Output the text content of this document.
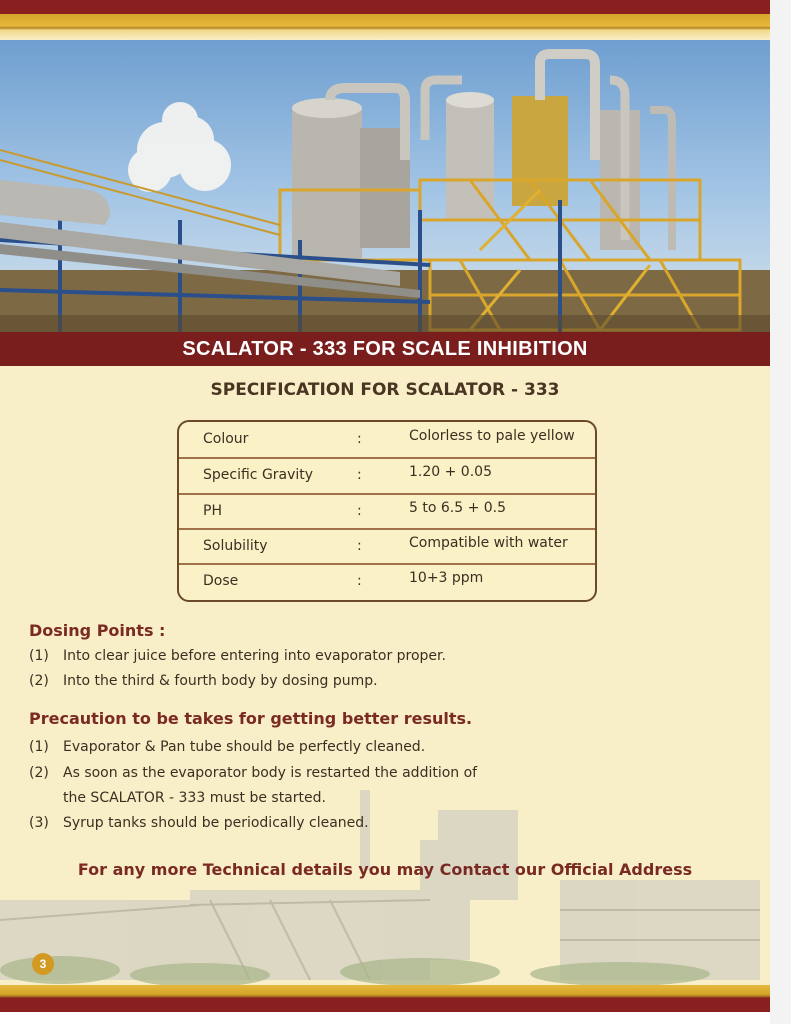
SCALATOR - 333 FOR SCALE INHIBITION
SPECIFICATION FOR SCALATOR - 333
Colour	:	Colorless to pale yellow
Specific Gravity	:	1.20 + 0.05
PH	:	5 to 6.5 + 0.5
Solubility	:	Compatible with water
Dose	:	10+3 ppm
Dosing Points :
(1) Into clear juice before entering into evaporator proper.
(2) Into the third & fourth body by dosing pump.
Precaution to be takes for getting better results.
(1) Evaporator & Pan tube should be perfectly cleaned.
(2) As soon as the evaporator body is restarted the addition of
the SCALATOR - 333 must be started.
(3) Syrup tanks should be periodically cleaned.
For any more Technical details you may Contact our Official Address
3
